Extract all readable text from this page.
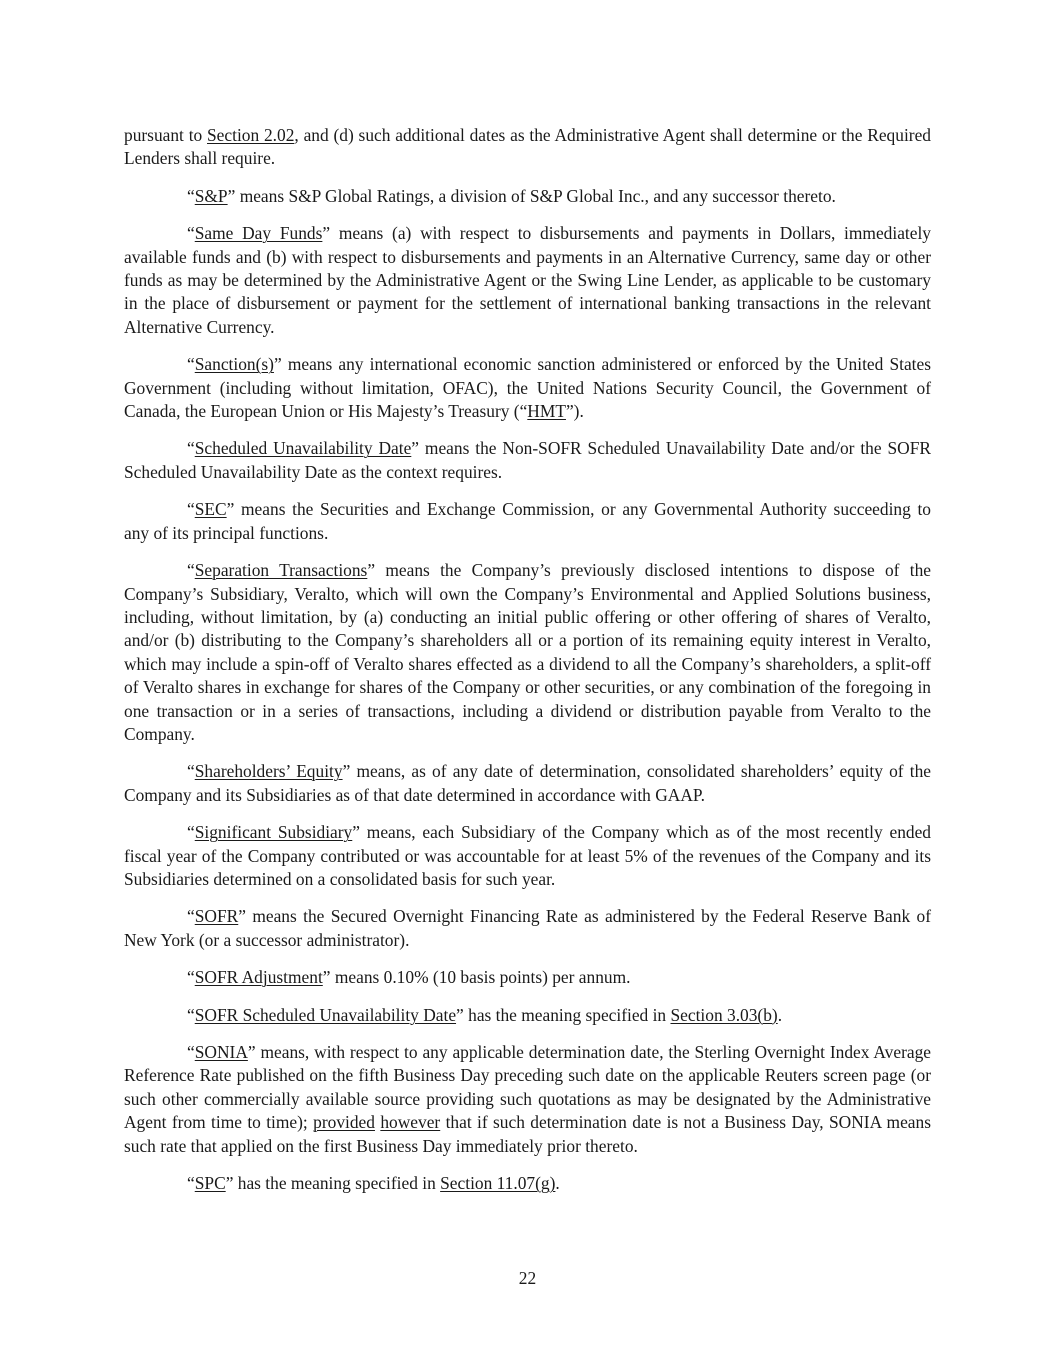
pursuant to Section 2.02, and (d) such additional dates as the Administrative Agent shall determine or the Required Lenders shall require.

“S&P” means S&P Global Ratings, a division of S&P Global Inc., and any successor thereto.

“Same Day Funds” means (a) with respect to disbursements and payments in Dollars, immediately available funds and (b) with respect to disbursements and payments in an Alternative Currency, same day or other funds as may be determined by the Administrative Agent or the Swing Line Lender, as applicable to be customary in the place of disbursement or payment for the settlement of international banking transactions in the relevant Alternative Currency.

“Sanction(s)” means any international economic sanction administered or enforced by the United States Government (including without limitation, OFAC), the United Nations Security Council, the Government of Canada, the European Union or His Majesty’s Treasury (“HMT”).

“Scheduled Unavailability Date” means the Non-SOFR Scheduled Unavailability Date and/or the SOFR Scheduled Unavailability Date as the context requires.

“SEC” means the Securities and Exchange Commission, or any Governmental Authority succeeding to any of its principal functions.

“Separation Transactions” means the Company’s previously disclosed intentions to dispose of the Company’s Subsidiary, Veralto, which will own the Company’s Environmental and Applied Solutions business, including, without limitation, by (a) conducting an initial public offering or other offering of shares of Veralto, and/or (b) distributing to the Company’s shareholders all or a portion of its remaining equity interest in Veralto, which may include a spin-off of Veralto shares effected as a dividend to all the Company’s shareholders, a split-off of Veralto shares in exchange for shares of the Company or other securities, or any combination of the foregoing in one transaction or in a series of transactions, including a dividend or distribution payable from Veralto to the Company.

“Shareholders’ Equity” means, as of any date of determination, consolidated shareholders’ equity of the Company and its Subsidiaries as of that date determined in accordance with GAAP.

“Significant Subsidiary” means, each Subsidiary of the Company which as of the most recently ended fiscal year of the Company contributed or was accountable for at least 5% of the revenues of the Company and its Subsidiaries determined on a consolidated basis for such year.

“SOFR” means the Secured Overnight Financing Rate as administered by the Federal Reserve Bank of New York (or a successor administrator).

“SOFR Adjustment” means 0.10% (10 basis points) per annum.

“SOFR Scheduled Unavailability Date” has the meaning specified in Section 3.03(b).

“SONIA” means, with respect to any applicable determination date, the Sterling Overnight Index Average Reference Rate published on the fifth Business Day preceding such date on the applicable Reuters screen page (or such other commercially available source providing such quotations as may be designated by the Administrative Agent from time to time); provided however that if such determination date is not a Business Day, SONIA means such rate that applied on the first Business Day immediately prior thereto.

“SPC” has the meaning specified in Section 11.07(g).

22
